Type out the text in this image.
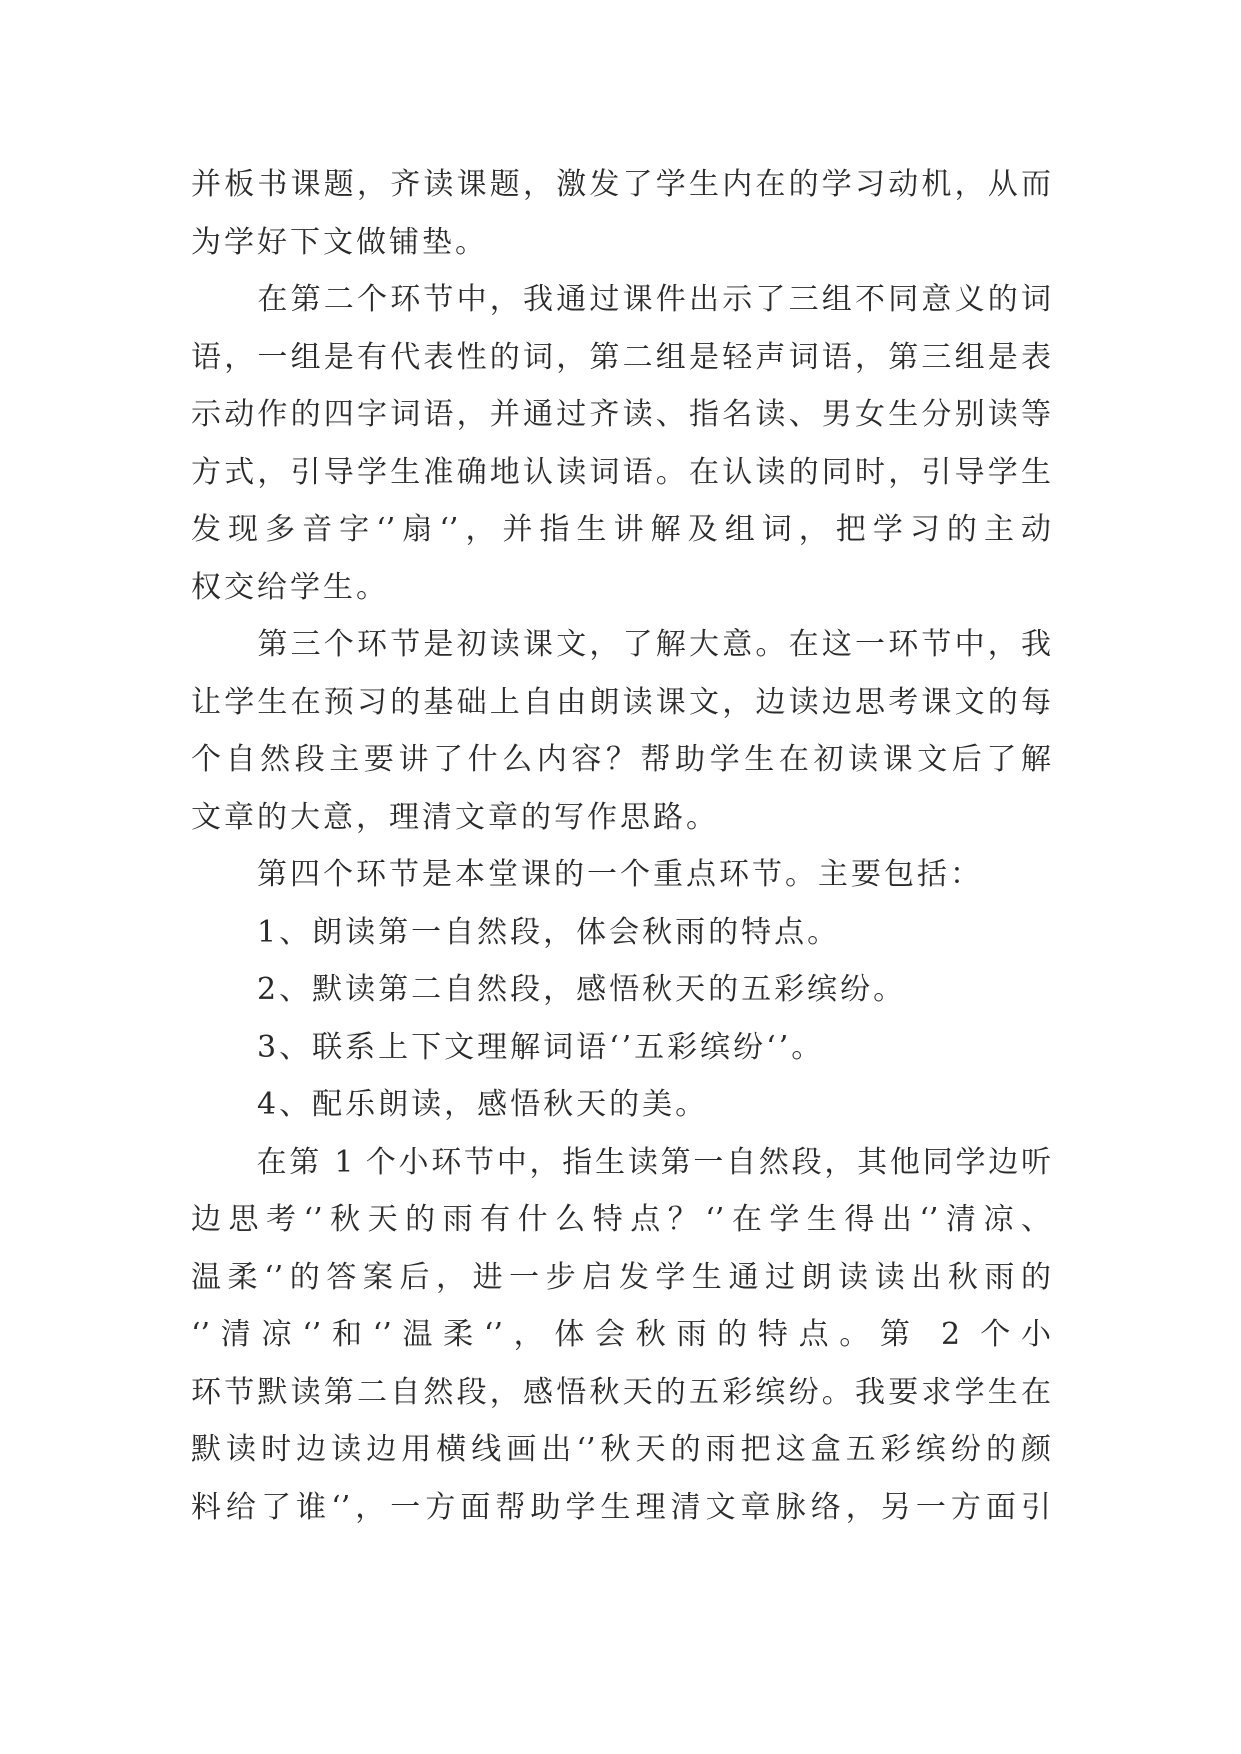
并板书课题，齐读课题，激发了学生内在的学习动机，从而
为学好下文做铺垫。
　　在第二个环节中，我通过课件出示了三组不同意义的词
语，一组是有代表性的词，第二组是轻声词语，第三组是表
示动作的四字词语，并通过齐读、指名读、男女生分别读等
方式，引导学生准确地认读词语。在认读的同时，引导学生
发现多音字‘’扇‘’，并指生讲解及组词，把学习的主动
权交给学生。
　　第三个环节是初读课文，了解大意。在这一环节中，我
让学生在预习的基础上自由朗读课文，边读边思考课文的每
个自然段主要讲了什么内容？帮助学生在初读课文后了解
文章的大意，理清文章的写作思路。
　　第四个环节是本堂课的一个重点环节。主要包括：
　　1、朗读第一自然段，体会秋雨的特点。
　　2、默读第二自然段，感悟秋天的五彩缤纷。
　　3、联系上下文理解词语‘’五彩缤纷‘’。
　　4、配乐朗读，感悟秋天的美。
　　在第 1 个小环节中，指生读第一自然段，其他同学边听
边思考‘’秋天的雨有什么特点？‘’在学生得出‘’清凉、
温柔‘’的答案后，进一步启发学生通过朗读读出秋雨的
‘’清凉‘’和‘’温柔‘’，体会秋雨的特点。第 2 个小
环节默读第二自然段，感悟秋天的五彩缤纷。我要求学生在
默读时边读边用横线画出‘’秋天的雨把这盒五彩缤纷的颜
料给了谁‘’，一方面帮助学生理清文章脉络，另一方面引
